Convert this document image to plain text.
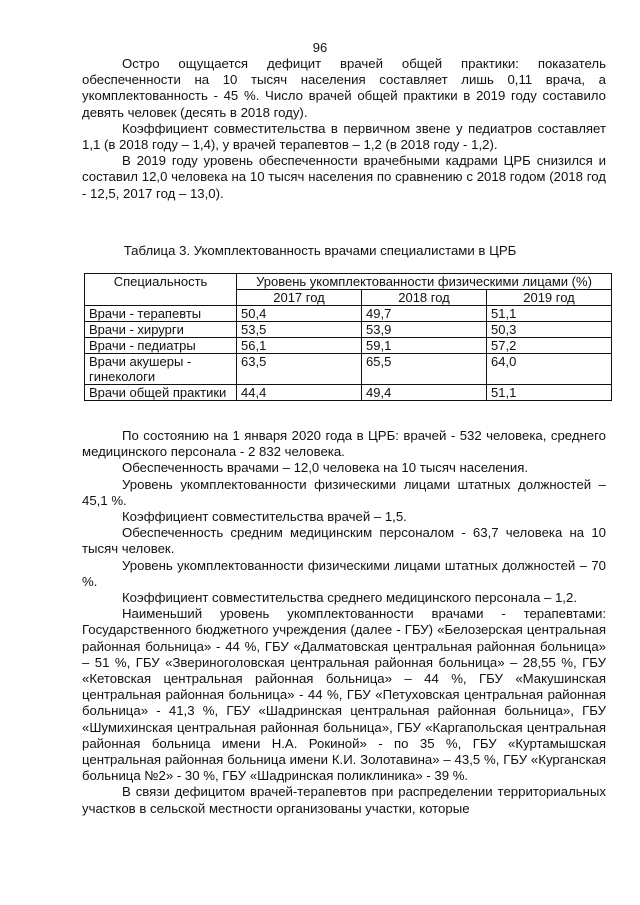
96

Остро ощущается дефицит врачей общей практики: показатель обеспеченности на 10 тысяч населения составляет лишь 0,11 врача, а укомплектованность - 45 %. Число врачей общей практики в 2019 году составило девять человек (десять в 2018 году).

Коэффициент совместительства в первичном звене у педиатров составляет 1,1 (в 2018 году – 1,4), у врачей терапевтов – 1,2 (в 2018 году - 1,2).

В 2019 году уровень обеспеченности врачебными кадрами ЦРБ снизился и составил 12,0 человека на 10 тысяч населения по сравнению с 2018 годом (2018 год - 12,5, 2017 год – 13,0).

Таблица 3. Укомплектованность врачами специалистами в ЦРБ
Специальность	Уровень укомплектованности физическими лицами (%)		
	2017 год	2018 год	2019 год
Врачи - терапевты	50,4	49,7	51,1
Врачи - хирурги	53,5	53,9	50,3
Врачи - педиатры	56,1	59,1	57,2
Врачи акушеры - гинекологи	63,5	65,5	64,0
Врачи общей практики	44,4	49,4	51,1

По состоянию на 1 января 2020 года в ЦРБ: врачей - 532 человека, среднего медицинского персонала - 2 832 человека.

Обеспеченность врачами – 12,0 человека на 10 тысяч населения.

Уровень укомплектованности физическими лицами штатных должностей – 45,1 %.

Коэффициент совместительства врачей – 1,5.

Обеспеченность средним медицинским персоналом - 63,7 человека на 10 тысяч человек.

Уровень укомплектованности физическими лицами штатных должностей – 70 %.

Коэффициент совместительства среднего медицинского персонала – 1,2.

Наименьший уровень укомплектованности врачами - терапевтами: Государственного бюджетного учреждения (далее - ГБУ) «Белозерская центральная районная больница» - 44 %, ГБУ «Далматовская центральная районная больница» – 51 %, ГБУ «Звериноголовская центральная районная больница» – 28,55 %, ГБУ «Кетовская центральная районная больница» – 44 %, ГБУ «Макушинская центральная районная больница» - 44 %, ГБУ «Петуховская центральная районная больница» - 41,3 %, ГБУ «Шадринская центральная районная больница», ГБУ «Шумихинская центральная районная больница», ГБУ «Каргапольская центральная районная больница имени Н.А. Рокиной» - по 35 %, ГБУ «Куртамышская центральная районная больница имени К.И. Золотавина» – 43,5 %, ГБУ «Курганская больница №2» - 30 %, ГБУ «Шадринская поликлиника» - 39 %.

В связи дефицитом врачей-терапевтов при распределении территориальных участков в сельской местности организованы участки, которые
